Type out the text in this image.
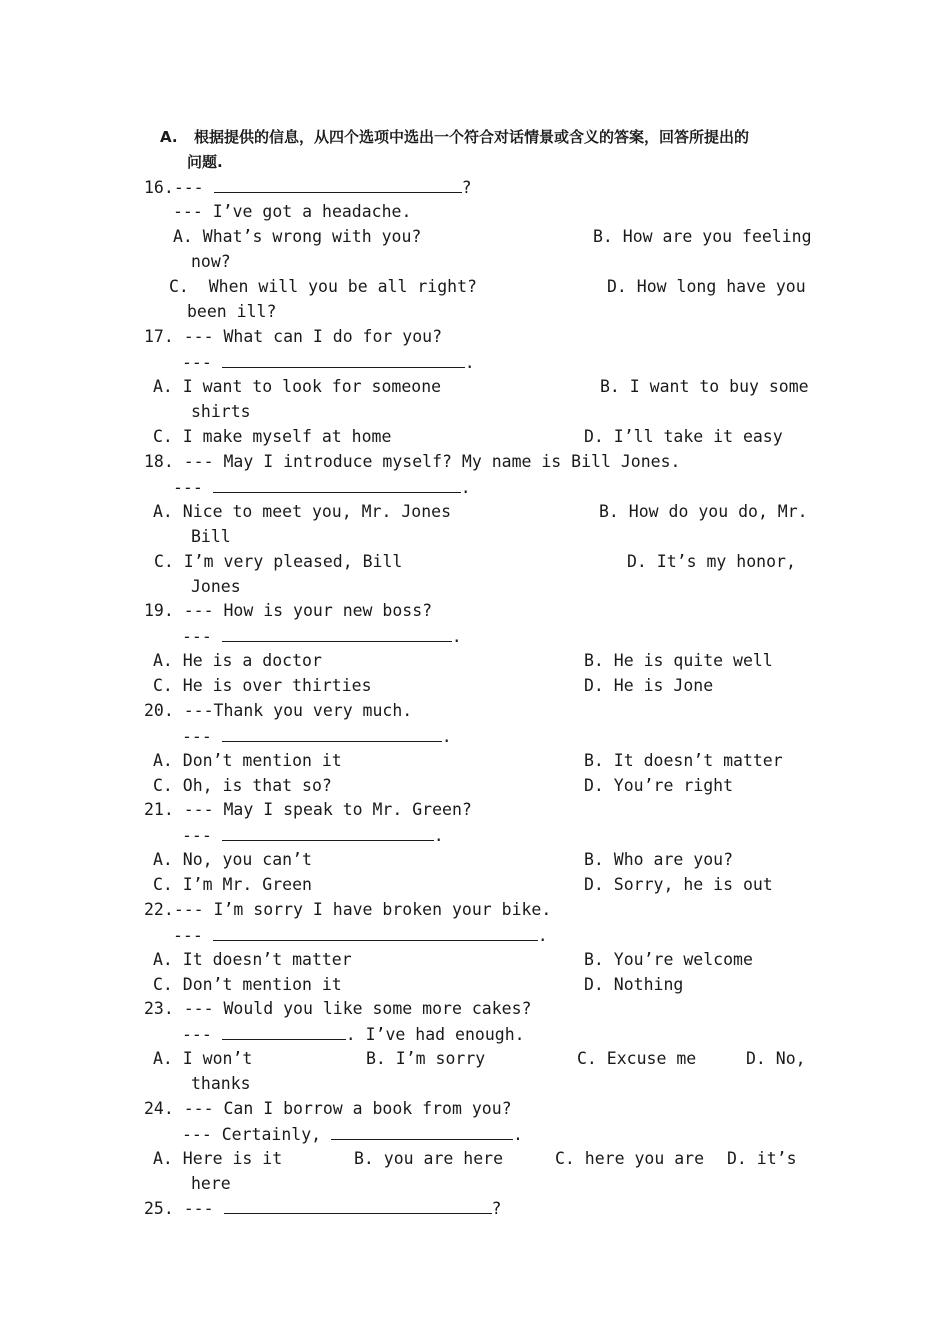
A. 根据提供的信息，从四个选项中选出一个符合对话情景或含义的答案，回答所提出的
问题.
16.---	?
--- I’ve got a headache.
A. What’s wrong with you?	B. How are you feeling
now?
C.  When will you be all right?	D. How long have you
been ill?
17. --- What can I do for you?
---	.
A. I want to look for someone	B. I want to buy some
shirts
C. I make myself at home	D. I’ll take it easy
18. --- May I introduce myself? My name is Bill Jones.
---	.
A. Nice to meet you, Mr. Jones	B. How do you do, Mr.
Bill
C. I’m very pleased, Bill	D. It’s my honor,
Jones
19. --- How is your new boss?
---	.
A. He is a doctor	B. He is quite well
C. He is over thirties	D. He is Jone
20. ---Thank you very much.
---	.
A. Don’t mention it	B. It doesn’t matter
C. Oh, is that so?	D. You’re right
21. --- May I speak to Mr. Green?
---	.
A. No, you can’t	B. Who are you?
C. I’m Mr. Green	D. Sorry, he is out
22.--- I’m sorry I have broken your bike.
---	.
A. It doesn’t matter	B. You’re welcome
C. Don’t mention it	D. Nothing
23. --- Would you like some more cakes?
---	. I’ve had enough.
A. I won’t	B. I’m sorry	C. Excuse me	D. No,
thanks
24. --- Can I borrow a book from you?
--- Certainly,	.
A. Here is it	B. you are here	C. here you are D. it’s
here
25. ---	?
